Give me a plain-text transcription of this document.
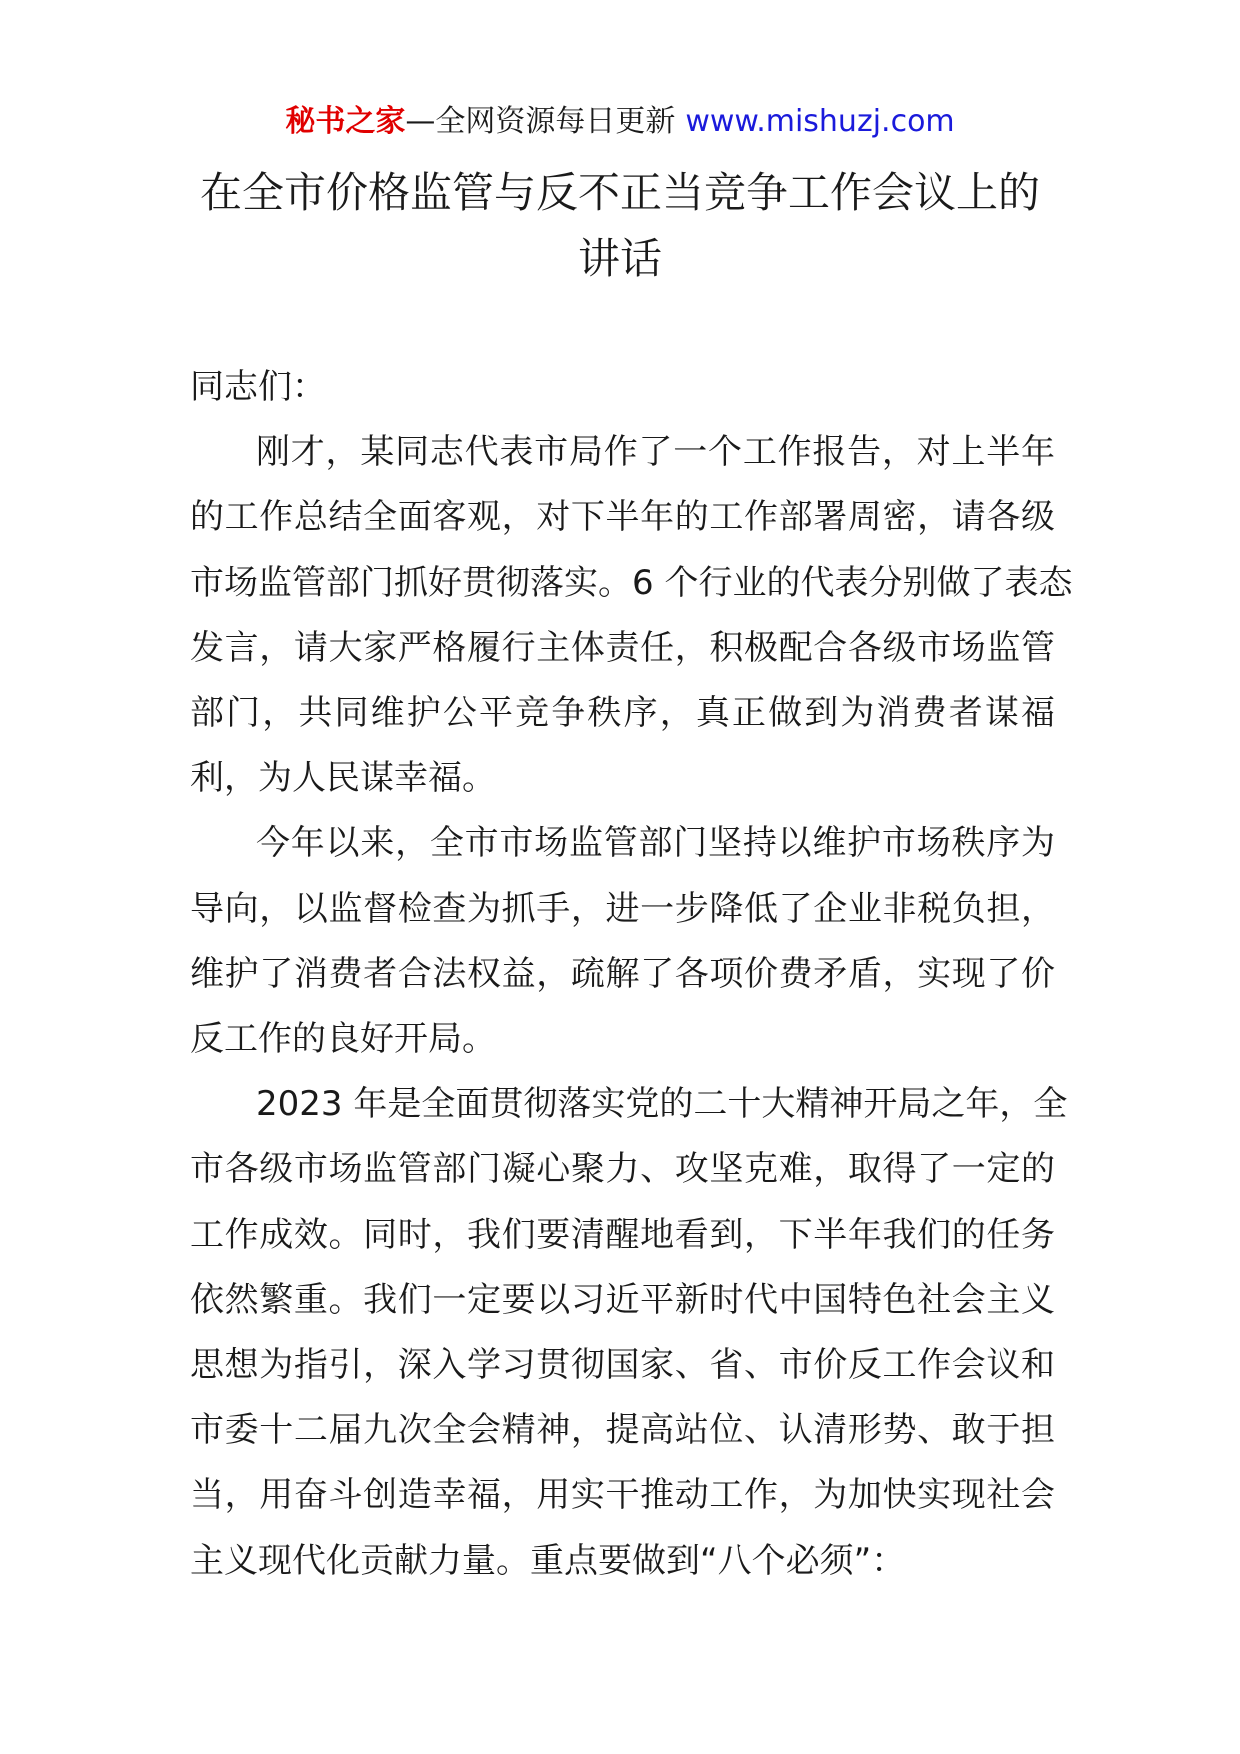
秘书之家—全网资源每日更新 www.mishuzj.com
在全市价格监管与反不正当竞争工作会议上的
讲话

同志们：

刚才，某同志代表市局作了一个工作报告，对上半年
的工作总结全面客观，对下半年的工作部署周密，请各级
市场监管部门抓好贯彻落实。6 个行业的代表分别做了表态
发言，请大家严格履行主体责任，积极配合各级市场监管
部门，共同维护公平竞争秩序，真正做到为消费者谋福
利，为人民谋幸福。

今年以来，全市市场监管部门坚持以维护市场秩序为
导向，以监督检查为抓手，进一步降低了企业非税负担，
维护了消费者合法权益，疏解了各项价费矛盾，实现了价
反工作的良好开局。

2023 年是全面贯彻落实党的二十大精神开局之年，全
市各级市场监管部门凝心聚力、攻坚克难，取得了一定的
工作成效。同时，我们要清醒地看到，下半年我们的任务
依然繁重。我们一定要以习近平新时代中国特色社会主义
思想为指引，深入学习贯彻国家、省、市价反工作会议和
市委十二届九次全会精神，提高站位、认清形势、敢于担
当，用奋斗创造幸福，用实干推动工作，为加快实现社会
主义现代化贡献力量。重点要做到“八个必须”：
